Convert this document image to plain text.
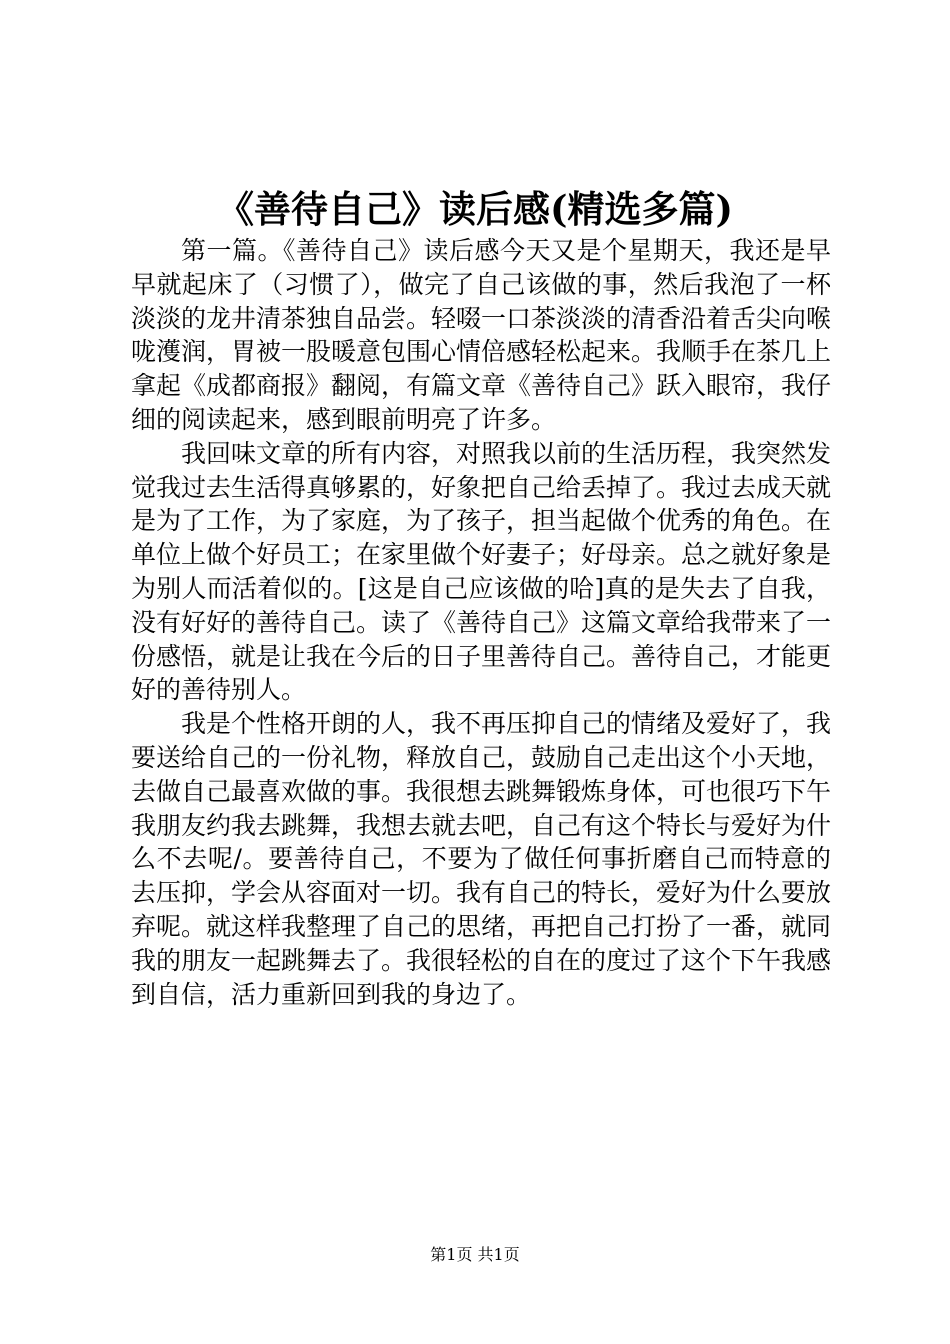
《善待自己》读后感(精选多篇)

第一篇。《善待自己》读后感今天又是个星期天，我还是早早就起床了（习惯了），做完了自己该做的事，然后我泡了一杯淡淡的龙井清茶独自品尝。轻啜一口茶淡淡的清香沿着舌尖向喉咙濩润，胃被一股暖意包围心情倍感轻松起来。我顺手在茶几上拿起《成都商报》翻阅，有篇文章《善待自己》跃入眼帘，我仔细的阅读起来，感到眼前明亮了许多。

我回味文章的所有内容，对照我以前的生活历程，我突然发觉我过去生活得真够累的，好象把自己给丢掉了。我过去成天就是为了工作，为了家庭，为了孩子，担当起做个优秀的角色。在单位上做个好员工；在家里做个好妻子；好母亲。总之就好象是为别人而活着似的。[这是自己应该做的哈]真的是失去了自我，没有好好的善待自己。读了《善待自己》这篇文章给我带来了一份感悟，就是让我在今后的日子里善待自己。善待自己，才能更好的善待别人。

我是个性格开朗的人，我不再压抑自己的情绪及爱好了，我要送给自己的一份礼物，释放自己，鼓励自己走出这个小天地，去做自己最喜欢做的事。我很想去跳舞锻炼身体，可也很巧下午我朋友约我去跳舞，我想去就去吧，自己有这个特长与爱好为什么不去呢/。要善待自己，不要为了做任何事折磨自己而特意的去压抑，学会从容面对一切。我有自己的特长，爱好为什么要放弃呢。就这样我整理了自己的思绪，再把自己打扮了一番，就同我的朋友一起跳舞去了。我很轻松的自在的度过了这个下午我感到自信，活力重新回到我的身边了。

第1页 共1页
